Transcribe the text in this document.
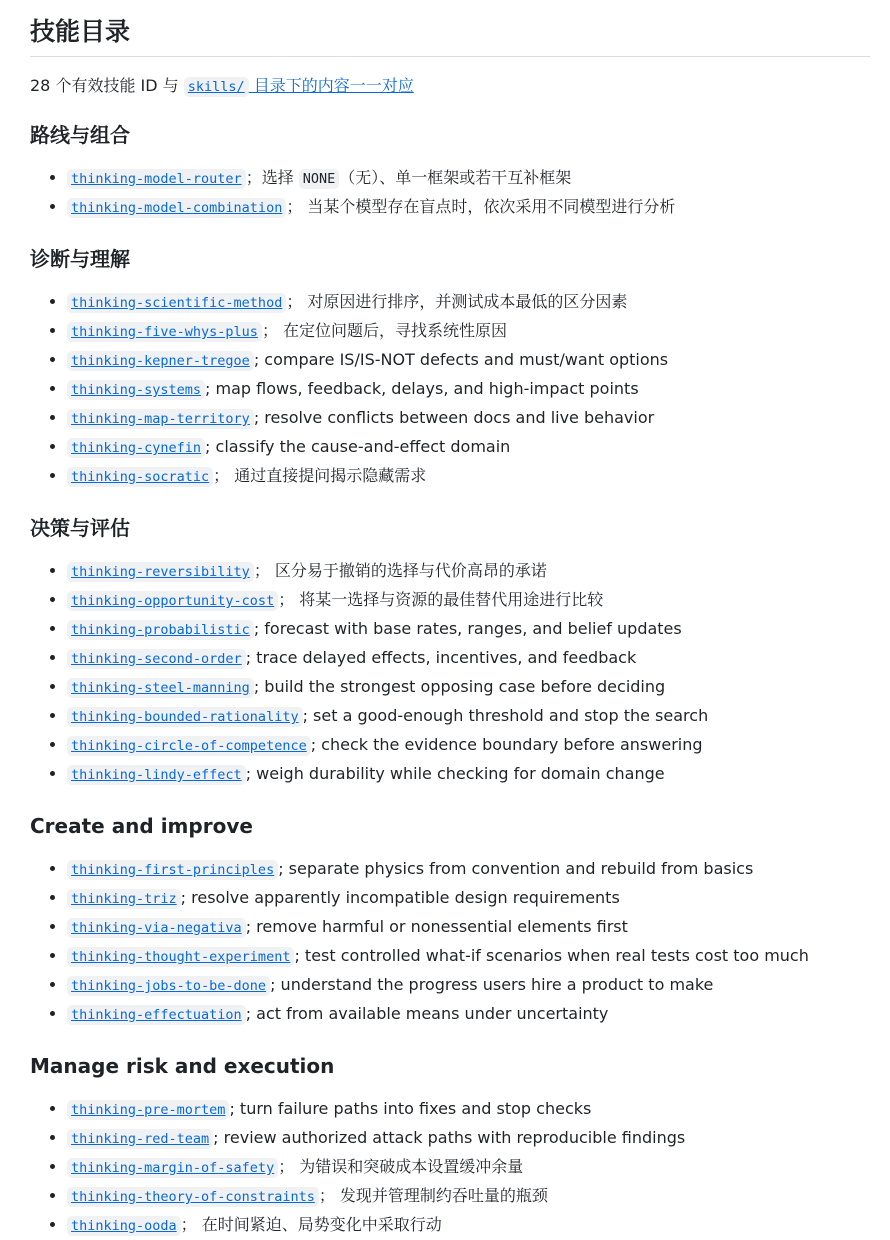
技能目录

28 个有效技能 ID 与 skills/ 目录下的内容一一对应

路线与组合
• thinking-model-router ；选择 NONE （无）、单一框架或若干互补框架
• thinking-model-combination ； 当某个模型存在盲点时，依次采用不同模型进行分析
诊断与理解
• thinking-scientific-method ； 对原因进行排序，并测试成本最低的区分因素
• thinking-five-whys-plus ； 在定位问题后，寻找系统性原因
• thinking-kepner-tregoe ; compare IS/IS-NOT defects and must/want options
• thinking-systems ; map flows, feedback, delays, and high-impact points
• thinking-map-territory ; resolve conflicts between docs and live behavior
• thinking-cynefin ; classify the cause-and-effect domain
• thinking-socratic ； 通过直接提问揭示隐藏需求
决策与评估
• thinking-reversibility ； 区分易于撤销的选择与代价高昂的承诺
• thinking-opportunity-cost ； 将某一选择与资源的最佳替代用途进行比较
• thinking-probabilistic ; forecast with base rates, ranges, and belief updates
• thinking-second-order ; trace delayed effects, incentives, and feedback
• thinking-steel-manning ; build the strongest opposing case before deciding
• thinking-bounded-rationality ; set a good-enough threshold and stop the search
• thinking-circle-of-competence ; check the evidence boundary before answering
• thinking-lindy-effect ; weigh durability while checking for domain change
Create and improve
• thinking-first-principles ; separate physics from convention and rebuild from basics
• thinking-triz ; resolve apparently incompatible design requirements
• thinking-via-negativa ; remove harmful or nonessential elements first
• thinking-thought-experiment ; test controlled what-if scenarios when real tests cost too much
• thinking-jobs-to-be-done ; understand the progress users hire a product to make
• thinking-effectuation ; act from available means under uncertainty
Manage risk and execution
• thinking-pre-mortem ; turn failure paths into fixes and stop checks
• thinking-red-team ; review authorized attack paths with reproducible findings
• thinking-margin-of-safety ； 为错误和突破成本设置缓冲余量
• thinking-theory-of-constraints ； 发现并管理制约吞吐量的瓶颈
• thinking-ooda ； 在时间紧迫、局势变化中采取行动
